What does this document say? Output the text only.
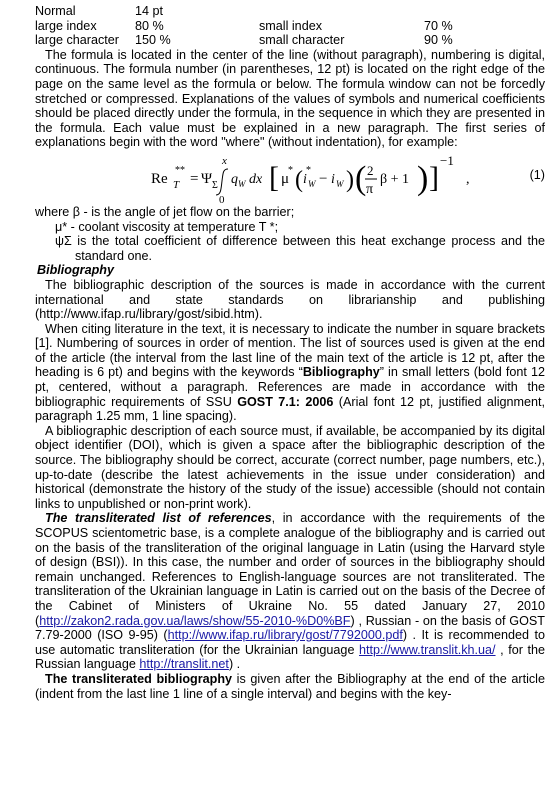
Normal	14 pt
large index	80 %	small index	70 %
large character	150 %	small character	90 %

The formula is located in the center of the line (without paragraph), numbering is digital, continuous. The formula number (in parentheses, 12 pt) is located on the right edge of the page on the same level as the formula or below. The formula window can not be forcedly stretched or compressed. Explanations of the values of symbols and numerical coefficients should be placed directly under the formula, in the sequence in which they are presented in the formula. Each value must be explained in a new paragraph. The first series of explanations begin with the word "where" (without indentation), for example:

Re T
**
= Ψ Σ
x
0
q W dx [ μ
* ( i
*
W − i W ) ( 2
π
β + 1 ) ]
−1
,	(1)

where β - is the angle of jet flow on the barrier;

μ* - coolant viscosity at temperature T *;

ψΣ is the total coefficient of difference between this heat exchange process and the standard one.

Bibliography

The bibliographic description of the sources is made in accordance with the current international and state standards on librarianship and publishing (http://www.ifap.ru/library/gost/sibid.htm).

When citing literature in the text, it is necessary to indicate the number in square brackets [1]. Numbering of sources in order of mention. The list of sources used is given at the end of the article (the interval from the last line of the main text of the article is 12 pt, after the heading is 6 pt) and begins with the keywords “Bibliography” in small letters (bold font 12 pt, centered, without a paragraph. References are made in accordance with the bibliographic requirements of SSU GOST 7.1: 2006 (Arial font 12 pt, justified alignment, paragraph 1.25 mm, 1 line spacing).

A bibliographic description of each source must, if available, be accompanied by its digital object identifier (DOI), which is given a space after the bibliographic description of the source. The bibliography should be correct, accurate (correct number, page numbers, etc.), up-to-date (describe the latest achievements in the issue under consideration) and historical (demonstrate the history of the study of the issue) accessible (should not contain links to unpublished or non-print work).

The transliterated list of references, in accordance with the requirements of the SCOPUS scientometric base, is a complete analogue of the bibliography and is carried out on the basis of the transliteration of the original language in Latin (using the Harvard style of design (BSI)). In this case, the number and order of sources in the bibliography should remain unchanged. References to English-language sources are not transliterated. The transliteration of the Ukrainian language in Latin is carried out on the basis of the Decree of the Cabinet of Ministers of Ukraine No. 55 dated January 27, 2010 (http://zakon2.rada.gov.ua/laws/show/55-2010-%D0%BF) , Russian - on the basis of GOST 7.79-2000 (ISO 9-95) (http://www.ifap.ru/library/gost/7792000.pdf) . It is recommended to use automatic transliteration (for the Ukrainian language http://www.translit.kh.ua/ , for the Russian language http://translit.net) .

The transliterated bibliography is given after the Bibliography at the end of the article (indent from the last line 1 line of a single interval) and begins with the key-
